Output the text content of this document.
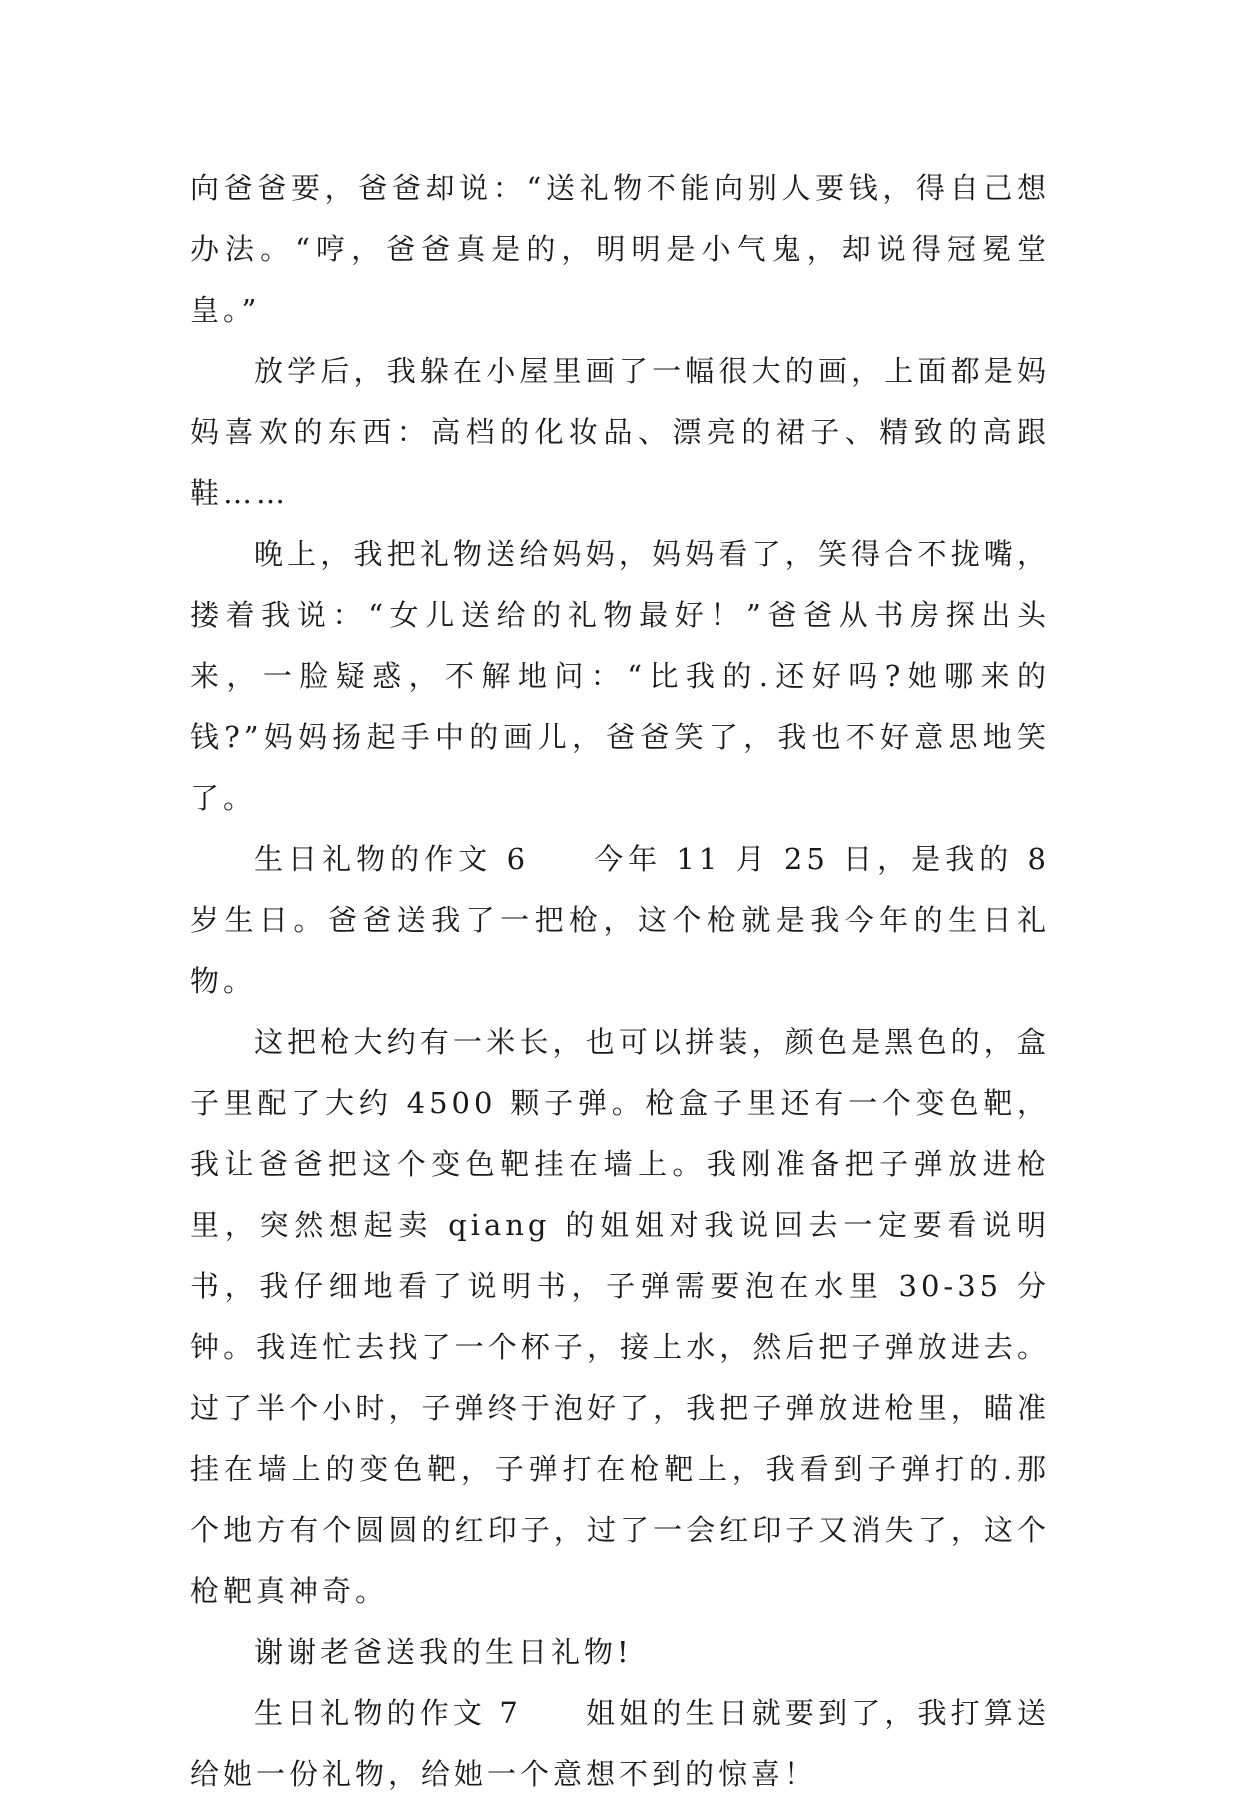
向爸爸要，爸爸却说：“送礼物不能向别人要钱，得自己想办法。“哼，爸爸真是的，明明是小气鬼，却说得冠冕堂皇。”

放学后，我躲在小屋里画了一幅很大的画，上面都是妈妈喜欢的东西：高档的化妆品、漂亮的裙子、精致的高跟鞋……

晚上，我把礼物送给妈妈，妈妈看了，笑得合不拢嘴，搂着我说：“女儿送给的礼物最好！”爸爸从书房探出头来，一脸疑惑，不解地问：“比我的.还好吗?她哪来的钱?”妈妈扬起手中的画儿，爸爸笑了，我也不好意思地笑了。

生日礼物的作文 6 今年 11 月 25 日，是我的 8 岁生日。爸爸送我了一把枪，这个枪就是我今年的生日礼物。

这把枪大约有一米长，也可以拼装，颜色是黑色的，盒子里配了大约 4500 颗子弹。枪盒子里还有一个变色靶，我让爸爸把这个变色靶挂在墙上。我刚准备把子弹放进枪里，突然想起卖 qiang 的姐姐对我说回去一定要看说明书，我仔细地看了说明书，子弹需要泡在水里 30-35 分钟。我连忙去找了一个杯子，接上水，然后把子弹放进去。过了半个小时，子弹终于泡好了，我把子弹放进枪里，瞄准挂在墙上的变色靶，子弹打在枪靶上，我看到子弹打的.那个地方有个圆圆的红印子，过了一会红印子又消失了，这个枪靶真神奇。

谢谢老爸送我的生日礼物!

生日礼物的作文 7 姐姐的生日就要到了，我打算送给她一份礼物，给她一个意想不到的惊喜！
